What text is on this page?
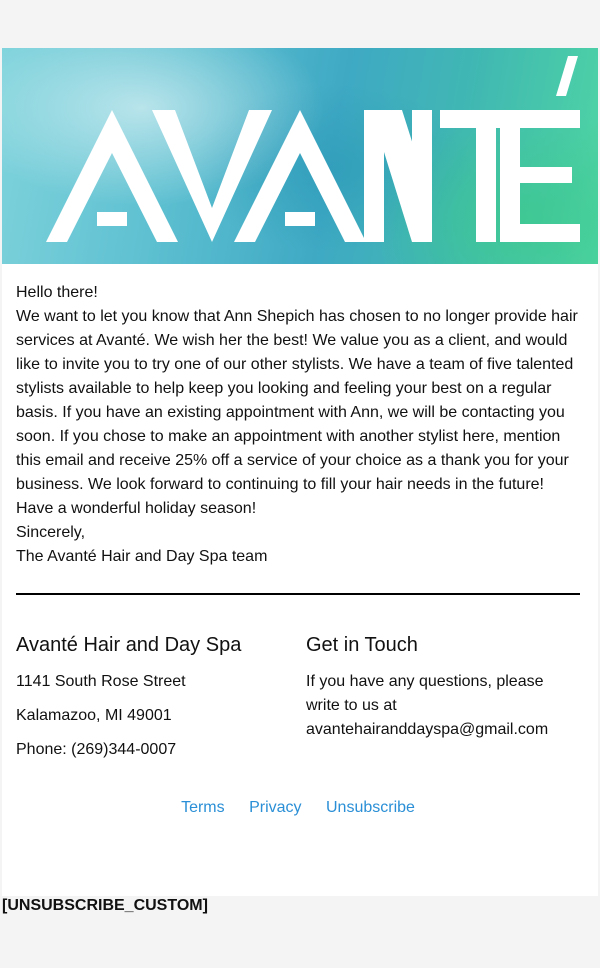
Hello there!

We want to let you know that Ann Shepich has chosen to no longer provide hair services at Avanté. We wish her the best! We value you as a client, and would like to invite you to try one of our other stylists. We have a team of five talented stylists available to help keep you looking and feeling your best on a regular basis. If you have an existing appointment with Ann, we will be contacting you soon. If you chose to make an appointment with another stylist here, mention this email and receive 25% off a service of your choice as a thank you for your business. We look forward to continuing to fill your hair needs in the future!

Have a wonderful holiday season!

Sincerely,

The Avanté Hair and Day Spa team

Avanté Hair and Day Spa
1141 South Rose Street
Kalamazoo, MI 49001
Phone: (269)344-0007
Get in Touch
If you have any questions, please write to us at
avantehairanddayspa@gmail.com
Terms Privacy Unsubscribe
[UNSUBSCRIBE_CUSTOM]
